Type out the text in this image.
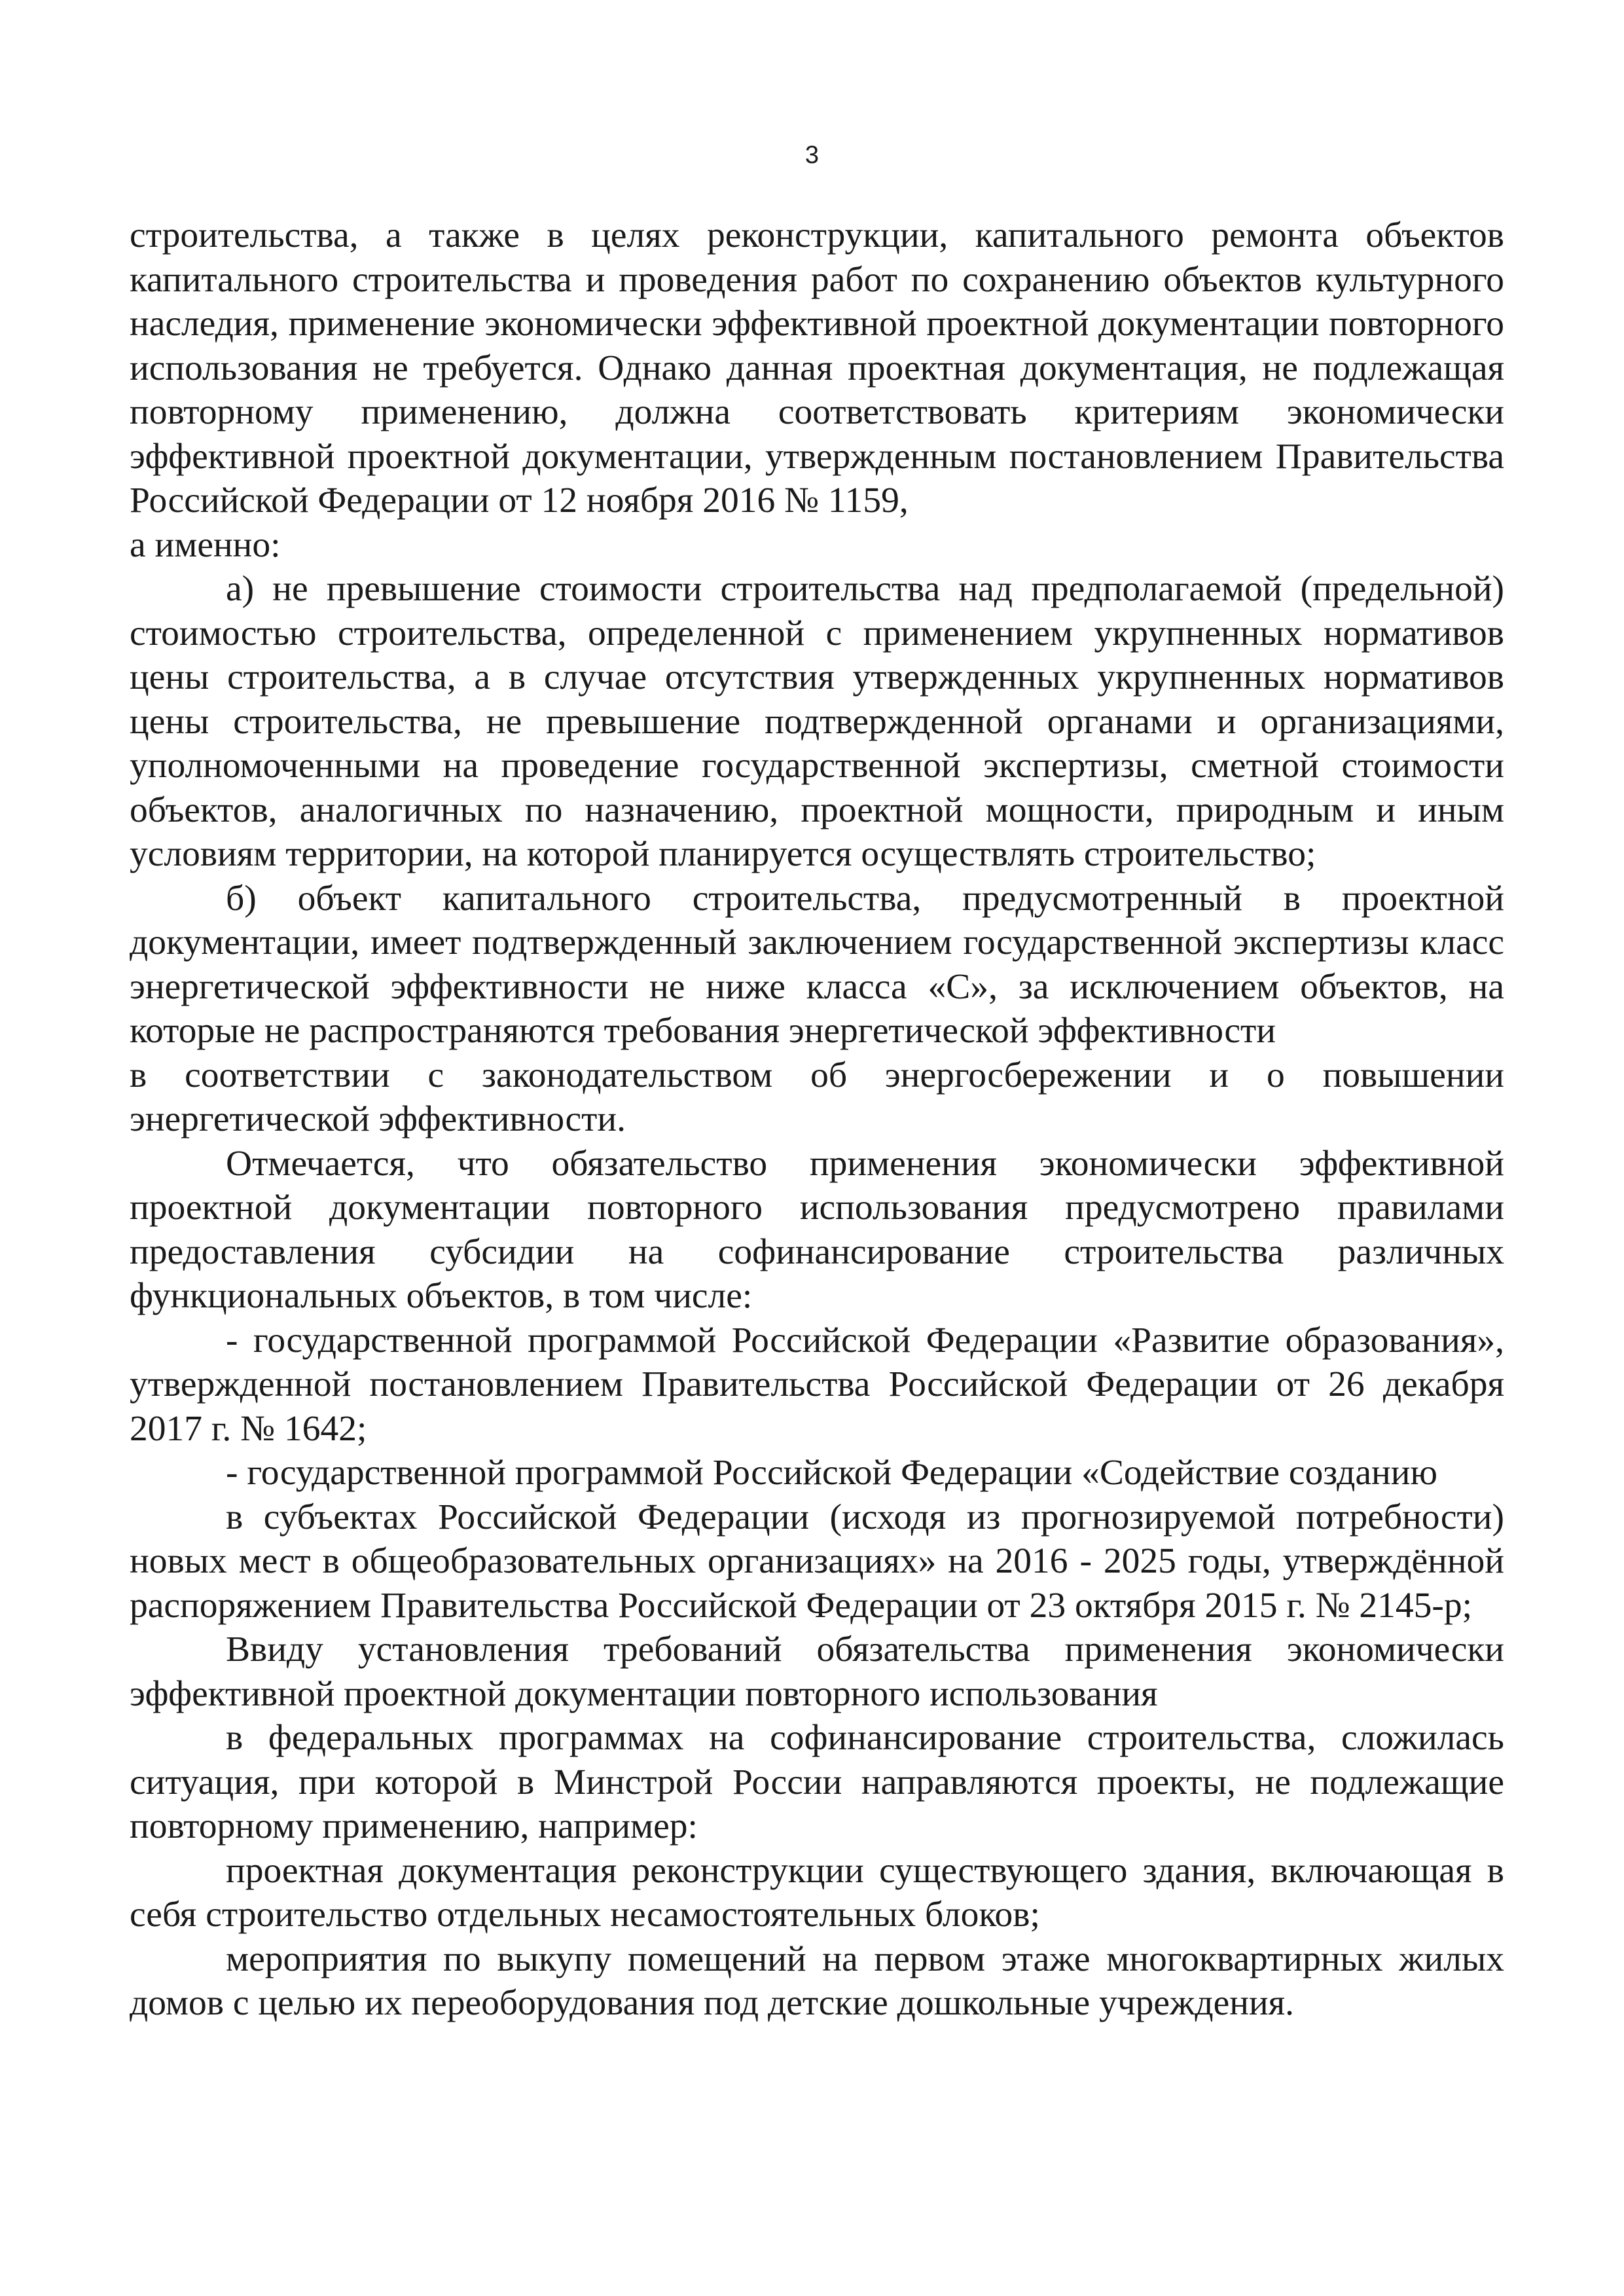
3

строительства, а также в целях реконструкции, капитального ремонта объектов капитального строительства и проведения работ по сохранению объектов культурного наследия, применение экономически эффективной проектной документации повторного использования не требуется. Однако данная проектная документация, не подлежащая повторному применению, должна соответствовать критериям экономически эффективной проектной документации, утвержденным постановлением Правительства Российской Федерации от 12 ноября 2016 № 1159,

а именно:

а) не превышение стоимости строительства над предполагаемой (предельной) стоимостью строительства, определенной с применением укрупненных нормативов цены строительства, а в случае отсутствия утвержденных укрупненных нормативов цены строительства, не превышение подтвержденной органами и организациями, уполномоченными на проведение государственной экспертизы, сметной стоимости объектов, аналогичных по назначению, проектной мощности, природным и иным условиям территории, на которой планируется осуществлять строительство;

б) объект капитального строительства, предусмотренный в проектной документации, имеет подтвержденный заключением государственной экспертизы класс энергетической эффективности не ниже класса «С», за исключением объектов, на которые не распространяются требования энергетической эффективности

в соответствии с законодательством об энергосбережении и о повышении энергетической эффективности.

Отмечается, что обязательство применения экономически эффективной проектной документации повторного использования предусмотрено правилами предоставления субсидии на софинансирование строительства различных функциональных объектов, в том числе:

- государственной программой Российской Федерации «Развитие образования», утвержденной постановлением Правительства Российской Федерации от 26 декабря 2017 г. № 1642;

- государственной программой Российской Федерации «Содействие созданию

в субъектах Российской Федерации (исходя из прогнозируемой потребности) новых мест в общеобразовательных организациях» на 2016 - 2025 годы, утверждённой распоряжением Правительства Российской Федерации от 23 октября 2015 г. № 2145-р;

Ввиду установления требований обязательства применения экономически эффективной проектной документации повторного использования

в федеральных программах на софинансирование строительства, сложилась ситуация, при которой в Минстрой России направляются проекты, не подлежащие повторному применению, например:

проектная документация реконструкции существующего здания, включающая в себя строительство отдельных несамостоятельных блоков;

мероприятия по выкупу помещений на первом этаже многоквартирных жилых домов с целью их переоборудования под детские дошкольные учреждения.
